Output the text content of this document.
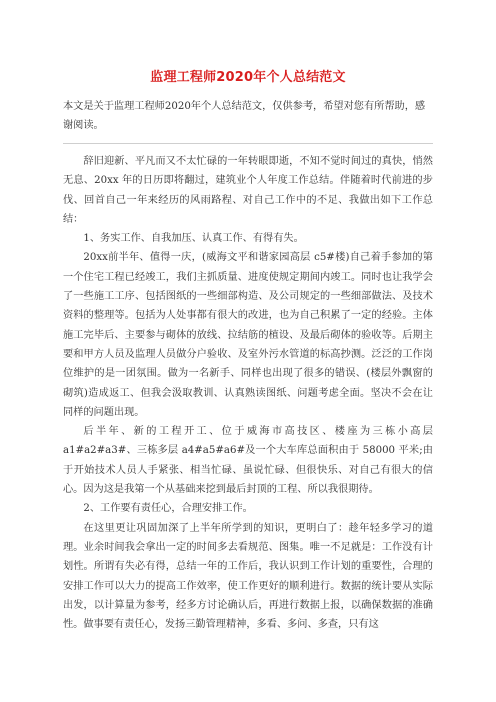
监理工程师2020年个人总结范文
本文是关于监理工程师2020年个人总结范文，仅供参考，希望对您有所帮助，感谢阅读。

辞旧迎新、平凡而又不太忙碌的一年转眼即逝，不知不觉时间过的真快，悄然无息、20xx 年的日历即将翻过，建筑业个人年度工作总结。伴随着时代前进的步伐、回首自己一年来经历的风雨路程、对自己工作中的不足、我做出如下工作总结：

1、务实工作、自我加压、认真工作、有得有失。

20xx前半年、值得一庆，(威海文平和谐家园高层 c5#楼)自己着手参加的第一个住宅工程已经竣工，我们主抓质量、进度使规定期间内竣工。同时也让我学会了一些施工工序、包括图纸的一些细部构造、及公司规定的一些细部做法、及技术资料的整理等。包括为人处事都有很大的改进，也为自己积累了一定的经验。主体施工完毕后、主要参与砌体的放线、拉结筋的植设、及最后砌体的验收等。后期主要和甲方人员及监理人员做分户验收、及室外污水管道的标高抄测。泛泛的工作岗位维护的是一团氛围。做为一名新手、同样也出现了很多的错误、(楼层外飘窗的砌筑)造成返工、但我会汲取教训、认真熟读图纸、问题考虑全面。坚决不会在让同样的问题出现。

后半年、新的工程开工、位于威海市高技区、楼座为三栋小高层 a1#a2#a3#、三栋多层 a4#a5#a6#及一个大车库总面积由于 58000 平米;由于开始技术人员人手紧张、相当忙碌、虽说忙碌、但很快乐、对自己有很大的信心。因为这是我第一个从基础来挖到最后封顶的工程、所以我很期待。

2、工作要有责任心，合理安排工作。

在这里更让巩固加深了上半年所学到的知识，更明白了：趁年轻多学习的道理。业余时间我会拿出一定的时间多去看规范、图集。唯一不足就是：工作没有计划性。所谓有失必有得，总结一年的工作后，我认识到工作计划的重要性，合理的安排工作可以大力的提高工作效率，使工作更好的顺利进行。数据的统计要从实际出发，以计算量为参考，经多方讨论确认后，再进行数据上报，以确保数据的准确性。做事要有责任心，发扬三勤管理精神，多看、多问、多查，只有这
